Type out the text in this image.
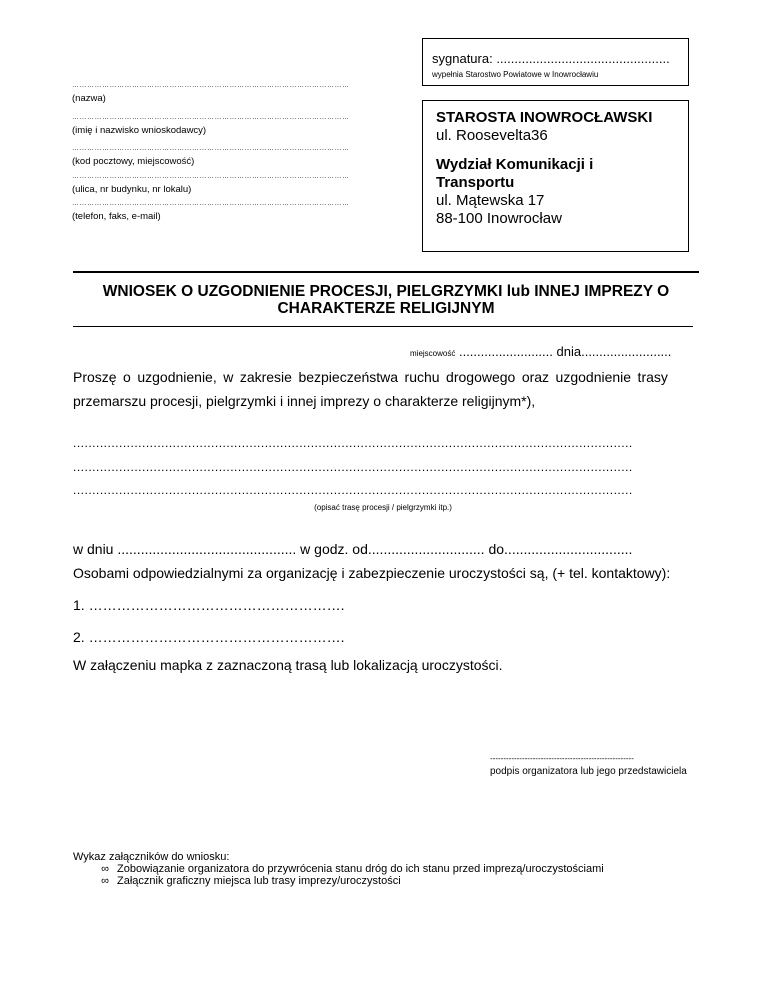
sygnatura: ................................................
wypełnia Starostwo Powiatowe w Inowrocławiu
…………………………………………………………………………………………………
(nazwa)
…………………………………………………………………………………………………
(imię i nazwisko wnioskodawcy)
…………………………………………………………………………………………………
(kod pocztowy, miejscowość)
…………………………………………………………………………………………………
(ulica, nr budynku, nr lokalu)
…………………………………………………………………………………………………
(telefon, faks, e-mail)
STAROSTA INOWROCŁAWSKI
ul. Roosevelta36
Wydział Komunikacji i
Transportu
ul. Mątewska 17
88-100 Inowrocław
WNIOSEK O UZGODNIENIE PROCESJI, PIELGRZYMKI lub INNEJ IMPREZY O
CHARAKTERZE RELIGIJNYM
miejscowość .......................... dnia.........................
Proszę o uzgodnienie, w zakresie bezpieczeństwa ruchu drogowego oraz uzgodnienie trasy
przemarszu procesji, pielgrzymki i innej imprezy o charakterze religijnym*),
..................................................................................................................................................
..................................................................................................................................................
..................................................................................................................................................
(opisać trasę procesji / pielgrzymki itp.)
w dniu .............................................. w godz. od.............................. do.................................
Osobami odpowiedzialnymi za organizację i zabezpieczenie uroczystości są, (+ tel. kontaktowy):
1. ……………………………………………….
2. ……………………………………………….
W załączeniu mapka z zaznaczoną trasą lub lokalizacją uroczystości.
------------------------------------------------------
podpis organizatora lub jego przedstawiciela
Wykaz załączników do wniosku:
∞ Zobowiązanie organizatora do przywrócenia stanu dróg do ich stanu przed imprezą/uroczystościami
∞ Załącznik graficzny miejsca lub trasy imprezy/uroczystości
